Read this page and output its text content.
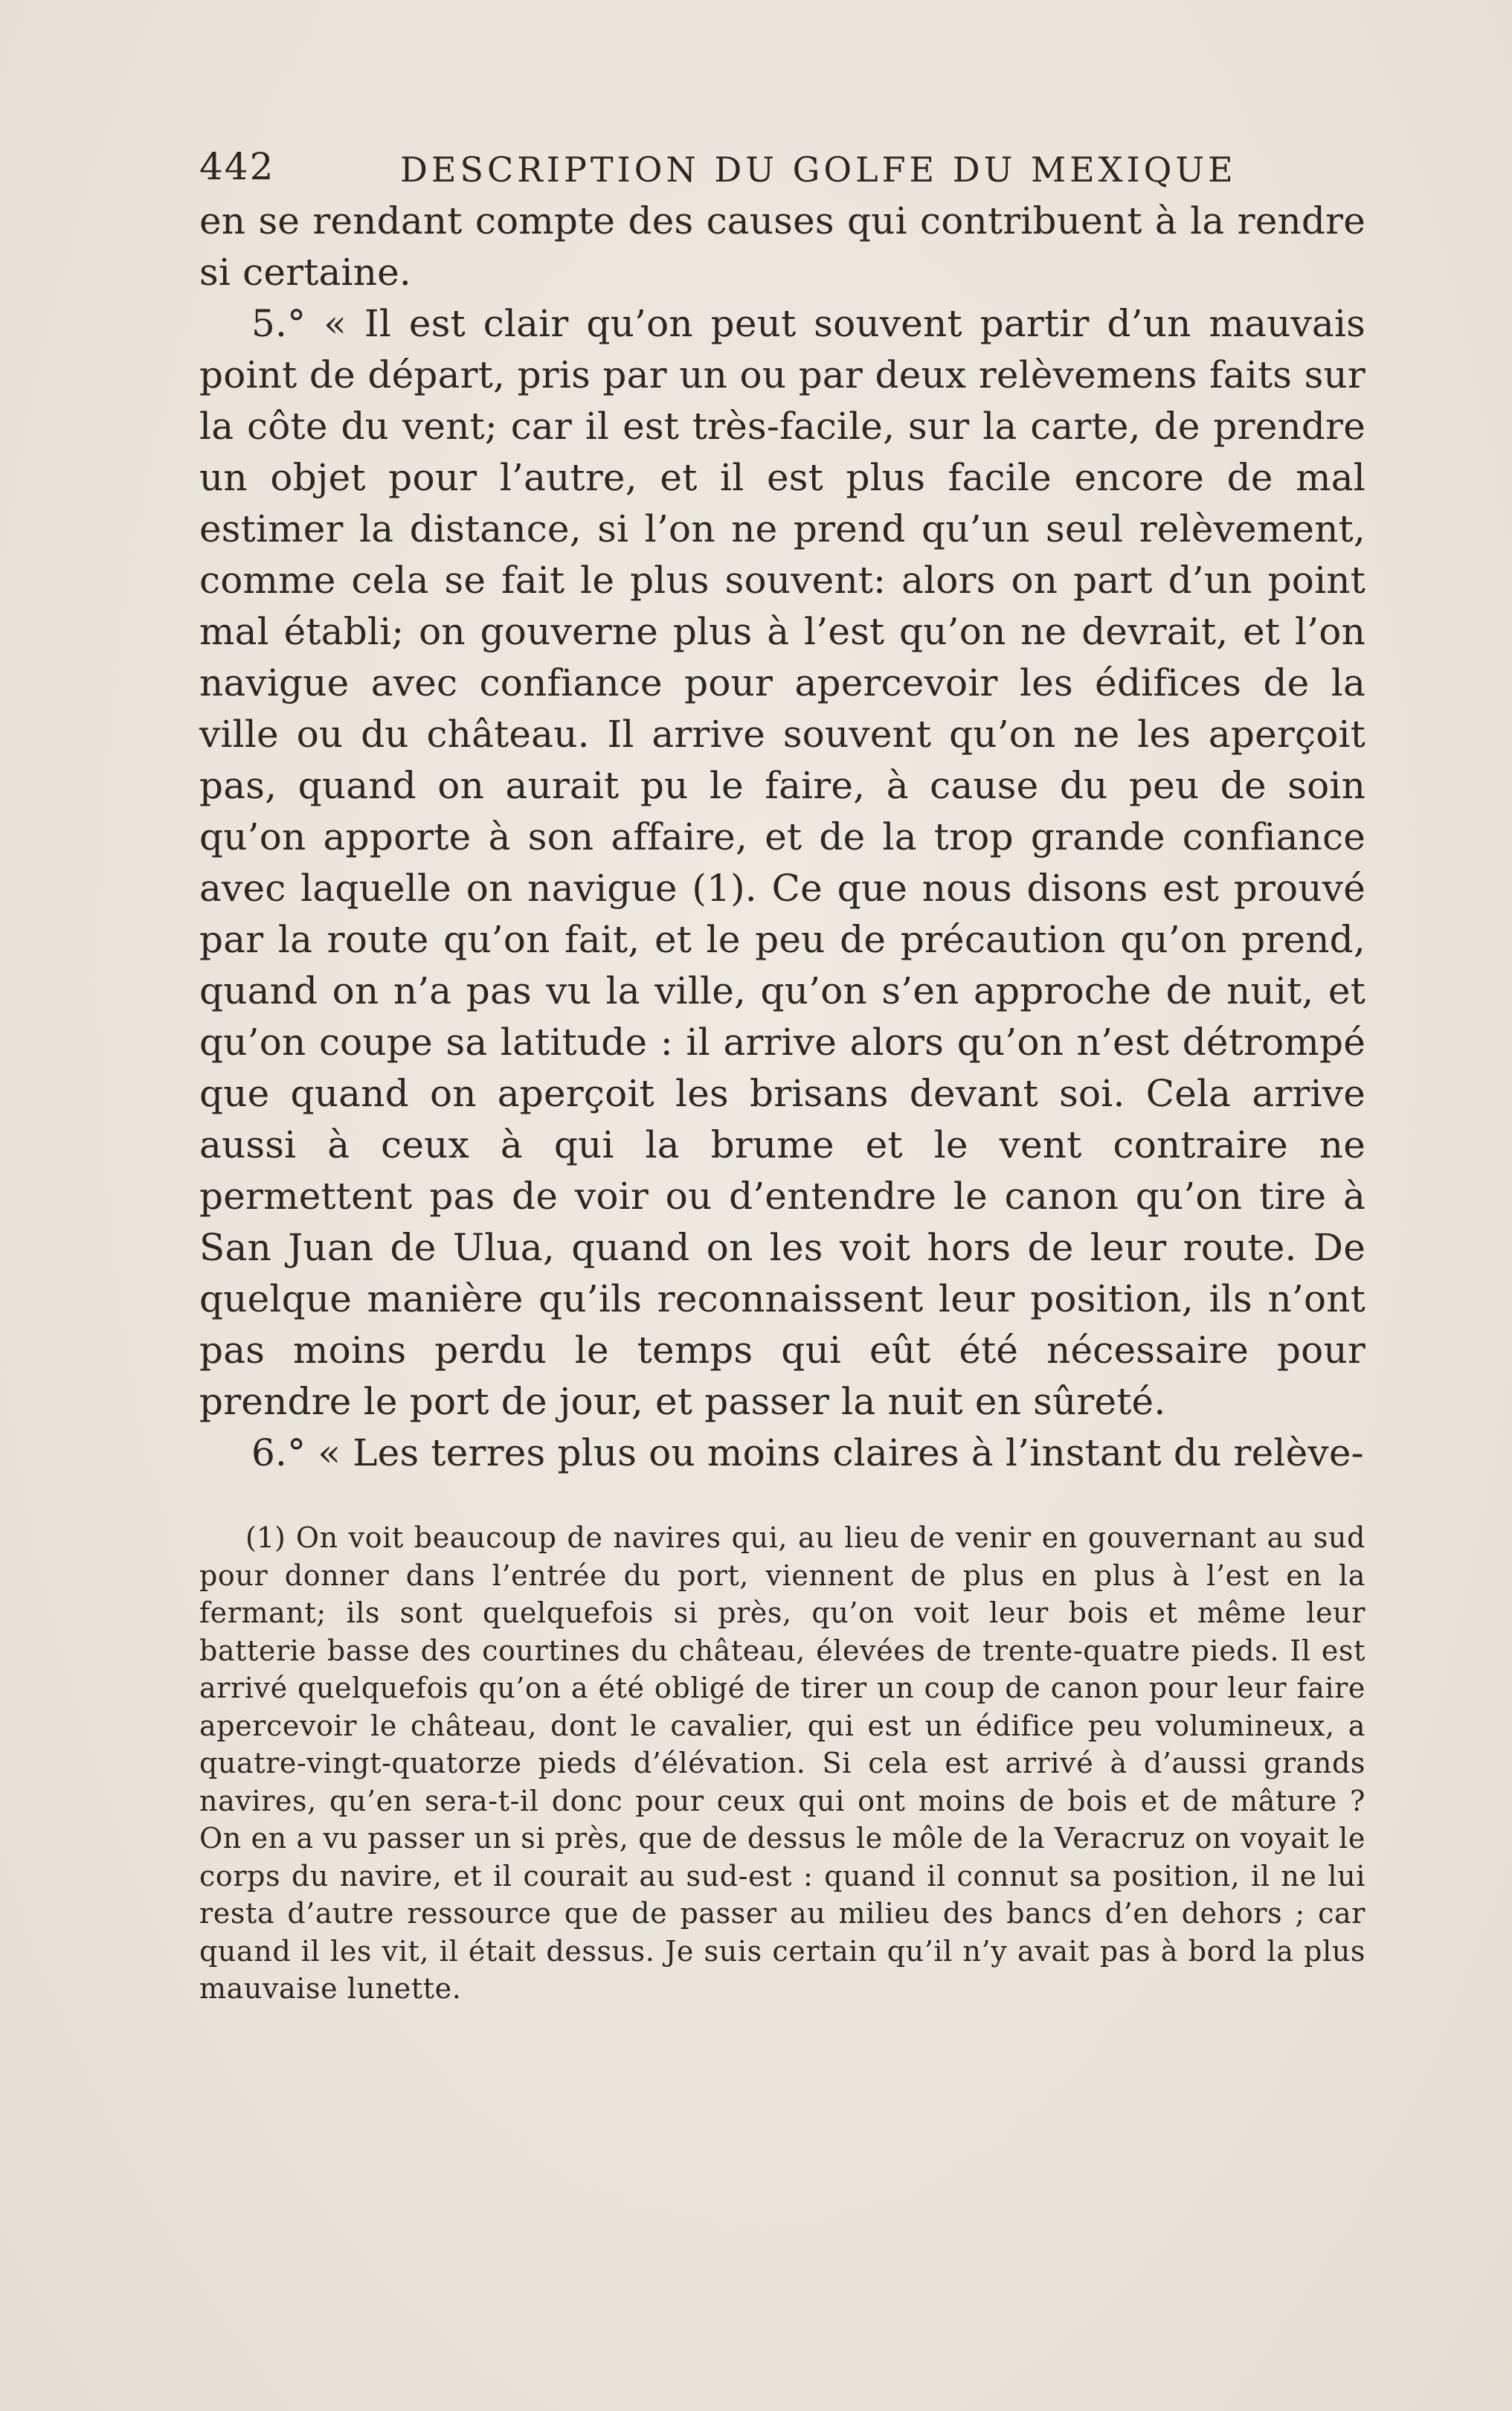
442	DESCRIPTION DU GOLFE DU MEXIQUE

en se rendant compte des causes qui contribuent à la rendre si certaine.

5.° « Il est clair qu’on peut souvent partir d’un mauvais point de départ, pris par un ou par deux relèvemens faits sur la côte du vent; car il est très-facile, sur la carte, de prendre un objet pour l’autre, et il est plus facile encore de mal estimer la distance, si l’on ne prend qu’un seul relèvement, comme cela se fait le plus souvent: alors on part d’un point mal établi; on gouverne plus à l’est qu’on ne devrait, et l’on navigue avec confiance pour apercevoir les édifices de la ville ou du château. Il arrive souvent qu’on ne les aperçoit pas, quand on aurait pu le faire, à cause du peu de soin qu’on apporte à son affaire, et de la trop grande confiance avec laquelle on navigue (1). Ce que nous disons est prouvé par la route qu’on fait, et le peu de précaution qu’on prend, quand on n’a pas vu la ville, qu’on s’en approche de nuit, et qu’on coupe sa latitude : il arrive alors qu’on n’est détrompé que quand on aperçoit les brisans devant soi. Cela arrive aussi à ceux à qui la brume et le vent contraire ne permettent pas de voir ou d’entendre le canon qu’on tire à San Juan de Ulua, quand on les voit hors de leur route. De quelque manière qu’ils reconnaissent leur position, ils n’ont pas moins perdu le temps qui eût été nécessaire pour prendre le port de jour, et passer la nuit en sûreté.

6.° « Les terres plus ou moins claires à l’instant du relève-

(1) On voit beaucoup de navires qui, au lieu de venir en gouvernant au sud pour donner dans l’entrée du port, viennent de plus en plus à l’est en la fermant; ils sont quelquefois si près, qu’on voit leur bois et même leur batterie basse des courtines du château, élevées de trente-quatre pieds. Il est arrivé quelquefois qu’on a été obligé de tirer un coup de canon pour leur faire apercevoir le château, dont le cavalier, qui est un édifice peu volumineux, a quatre-vingt-quatorze pieds d’élévation. Si cela est arrivé à d’aussi grands navires, qu’en sera-t-il donc pour ceux qui ont moins de bois et de mâture ? On en a vu passer un si près, que de dessus le môle de la Veracruz on voyait le corps du navire, et il courait au sud-est : quand il connut sa position, il ne lui resta d’autre ressource que de passer au milieu des bancs d’en dehors ; car quand il les vit, il était dessus. Je suis certain qu’il n’y avait pas à bord la plus mauvaise lunette.
